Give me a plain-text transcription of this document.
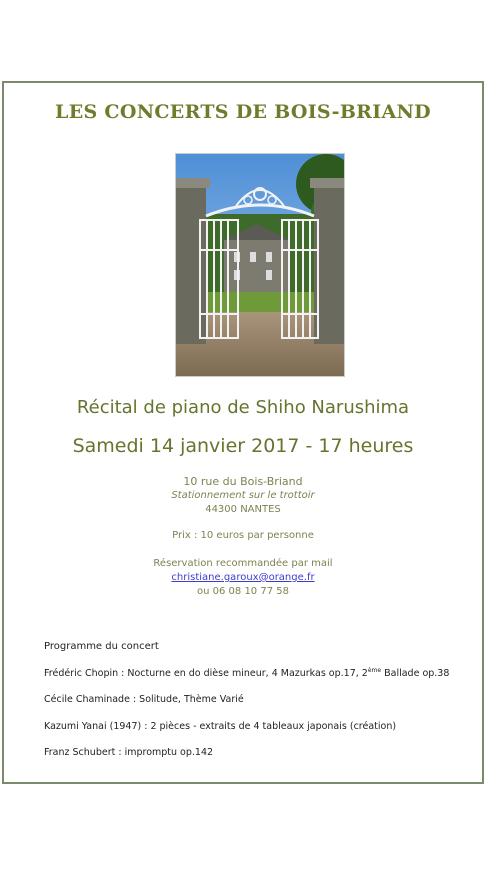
LES CONCERTS DE BOIS-BRIAND
Récital de piano de Shiho Narushima
Samedi 14 janvier 2017 - 17 heures
10 rue du Bois-Briand
Stationnement sur le trottoir
44300 NANTES
Prix : 10 euros par personne
Réservation recommandée par mail
christiane.garoux@orange.fr
ou 06 08 10 77 58
Programme du concert
Frédéric Chopin : Nocturne en do dièse mineur, 4 Mazurkas op.17, 2ème Ballade op.38
Cécile Chaminade : Solitude, Thème Varié
Kazumi Yanai (1947) : 2 pièces - extraits de 4 tableaux japonais (création)
Franz Schubert : impromptu op.142
